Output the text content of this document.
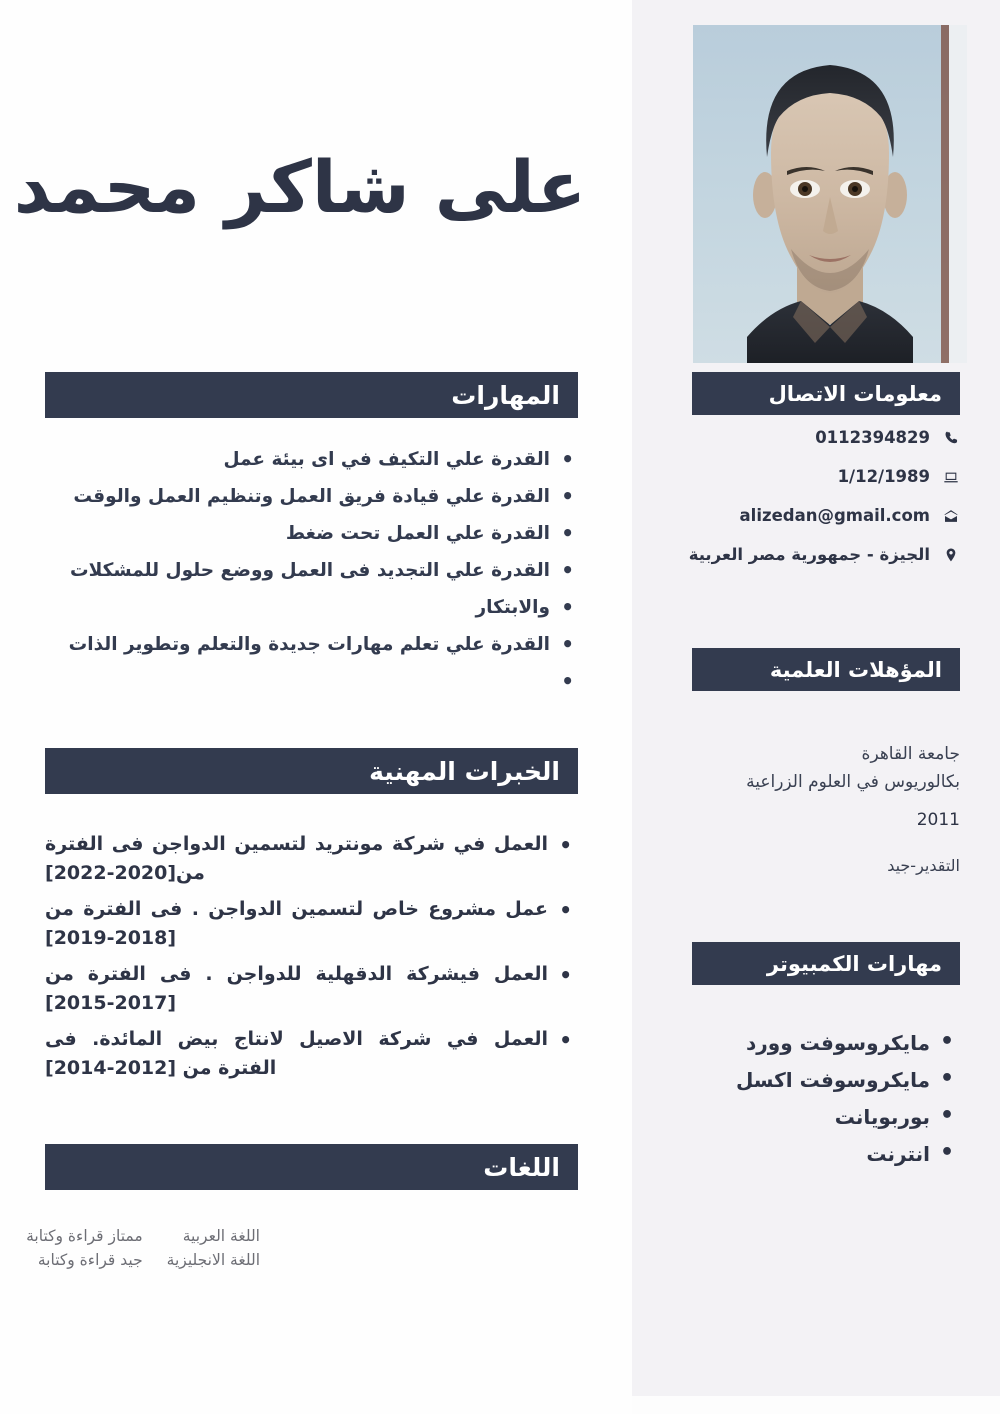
على شاكر محمد
المهارات
الخبرات المهنية
اللغات
معلومات الاتصال
المؤهلات العلمية
مهارات الكمبيوتر
• القدرة علي التكيف في اى بيئة عمل
• القدرة علي قيادة فريق العمل وتنظيم العمل والوقت
• القدرة علي العمل تحت ضغط
• القدرة علي التجديد فى العمل ووضع حلول للمشكلات
• والابتكار
• القدرة علي تعلم مهارات جديدة والتعلم وتطوير الذات
•
• العمل في شركة مونتريد لتسمين الدواجن فى الفترة من[2020-2022]
• عمل مشروع خاص لتسمين الدواجن . فى الفترة من [2018-2019]
• العمل فيشركة الدقهلية للدواجن . فى الفترة من [2017-2015]
• العمل في شركة الاصيل لانتاج بيض المائدة. فى الفترة من [2012-2014]
اللغة العربية	ممتاز قراءة وكتابة
اللغة الانجليزية	جيد قراءة وكتابة
0112394829
1/12/1989
alizedan@gmail.com
الجيزة - جمهورية مصر العربية
جامعة القاهرة
بكالوريوس في العلوم الزراعية
2011
التقدير-جيد
• مايكروسوفت وورد
• مايكروسوفت اكسل
• بوربويانت
• انترنت
